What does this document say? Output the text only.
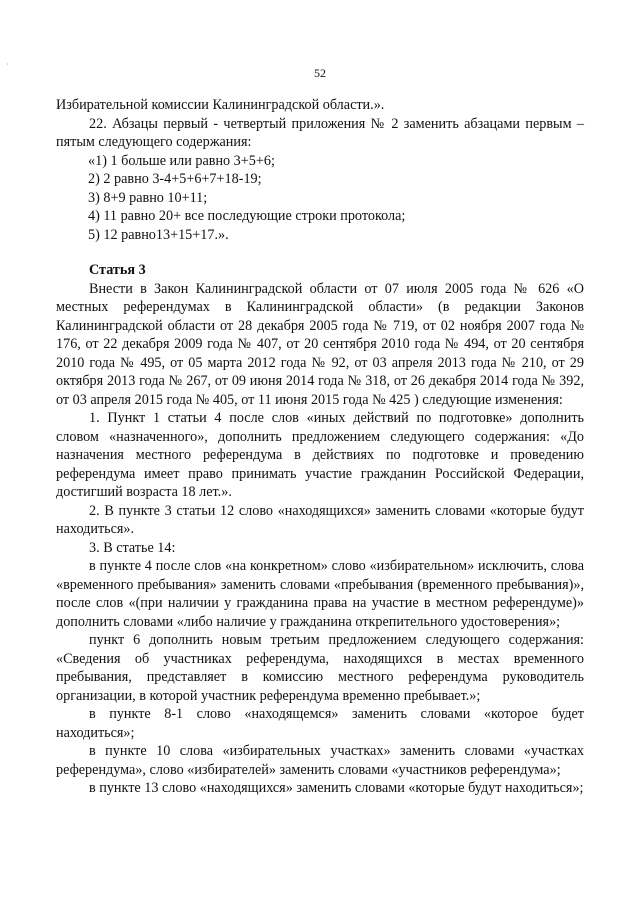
·
52

Избирательной комиссии Калининградской области.».

22. Абзацы первый - четвертый приложения № 2 заменить абзацами первым – пятым следующего содержания:

«1) 1 больше или равно 3+5+6;

2) 2 равно 3-4+5+6+7+18-19;

3) 8+9 равно 10+11;

4) 11 равно 20+ все последующие строки протокола;

5) 12 равно13+15+17.».

Статья 3

Внести в Закон Калининградской области от 07 июля 2005 года № 626 «О местных референдумах в Калининградской области» (в редакции Законов Калининградской области от 28 декабря 2005 года № 719, от 02 ноября 2007 года № 176, от 22 декабря 2009 года № 407, от 20 сентября 2010 года № 494, от 20 сентября 2010 года № 495, от 05 марта 2012 года № 92, от 03 апреля 2013 года № 210, от 29 октября 2013 года № 267, от 09 июня 2014 года № 318, от 26 декабря 2014 года № 392, от 03 апреля 2015 года № 405, от 11 июня 2015 года № 425 ) следующие изменения:

1. Пункт 1 статьи 4 после слов «иных действий по подготовке» дополнить словом «назначенного», дополнить предложением следующего содержания: «До назначения местного референдума в действиях по подготовке и проведению референдума имеет право принимать участие гражданин Российской Федерации, достигший возраста 18 лет.».

2. В пункте 3 статьи 12 слово «находящихся» заменить словами «которые будут находиться».

3. В статье 14:

в пункте 4 после слов «на конкретном» слово «избирательном» исключить, слова «временного пребывания» заменить словами «пребывания (временного пребывания)», после слов «(при наличии у гражданина права на участие в местном референдуме)» дополнить словами «либо наличие у гражданина открепительного удостоверения»;

пункт 6 дополнить новым третьим предложением следующего содержания: «Сведения об участниках референдума, находящихся в местах временного пребывания, представляет в комиссию местного референдума руководитель организации, в которой участник референдума временно пребывает.»;

в пункте 8-1 слово «находящемся» заменить словами «которое будет находиться»;

в пункте 10 слова «избирательных участках» заменить словами «участках референдума», слово «избирателей» заменить словами «участников референдума»;

в пункте 13 слово «находящихся» заменить словами «которые будут находиться»;
